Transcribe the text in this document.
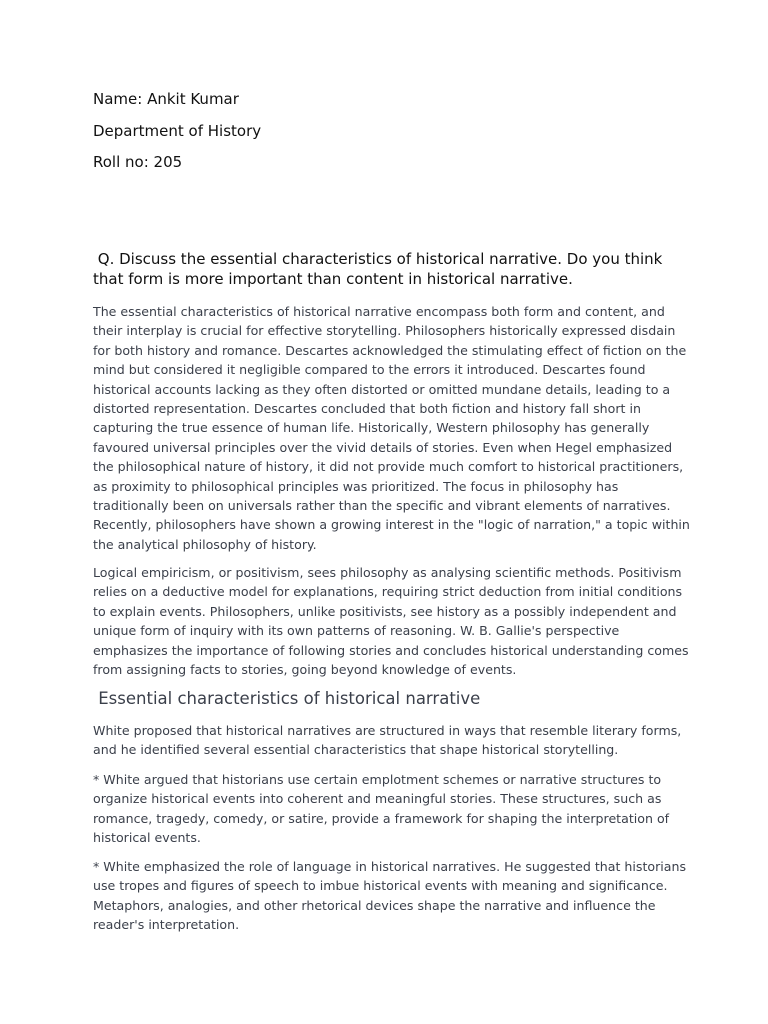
Name: Ankit Kumar

Department of History

Roll no: 205

Q. Discuss the essential characteristics of historical narrative. Do you think that form is more important than content in historical narrative.

The essential characteristics of historical narrative encompass both form and content, and their interplay is crucial for effective storytelling. Philosophers historically expressed disdain for both history and romance. Descartes acknowledged the stimulating effect of fiction on the mind but considered it negligible compared to the errors it introduced. Descartes found historical accounts lacking as they often distorted or omitted mundane details, leading to a distorted representation. Descartes concluded that both fiction and history fall short in capturing the true essence of human life. Historically, Western philosophy has generally favoured universal principles over the vivid details of stories. Even when Hegel emphasized the philosophical nature of history, it did not provide much comfort to historical practitioners, as proximity to philosophical principles was prioritized. The focus in philosophy has traditionally been on universals rather than the specific and vibrant elements of narratives. Recently, philosophers have shown a growing interest in the "logic of narration," a topic within the analytical philosophy of history.

Logical empiricism, or positivism, sees philosophy as analysing scientific methods. Positivism relies on a deductive model for explanations, requiring strict deduction from initial conditions to explain events. Philosophers, unlike positivists, see history as a possibly independent and unique form of inquiry with its own patterns of reasoning. W. B. Gallie's perspective emphasizes the importance of following stories and concludes historical understanding comes from assigning facts to stories, going beyond knowledge of events.

Essential characteristics of historical narrative

White proposed that historical narratives are structured in ways that resemble literary forms, and he identified several essential characteristics that shape historical storytelling.

* White argued that historians use certain emplotment schemes or narrative structures to organize historical events into coherent and meaningful stories. These structures, such as romance, tragedy, comedy, or satire, provide a framework for shaping the interpretation of historical events.

* White emphasized the role of language in historical narratives. He suggested that historians use tropes and figures of speech to imbue historical events with meaning and significance. Metaphors, analogies, and other rhetorical devices shape the narrative and influence the reader's interpretation.
